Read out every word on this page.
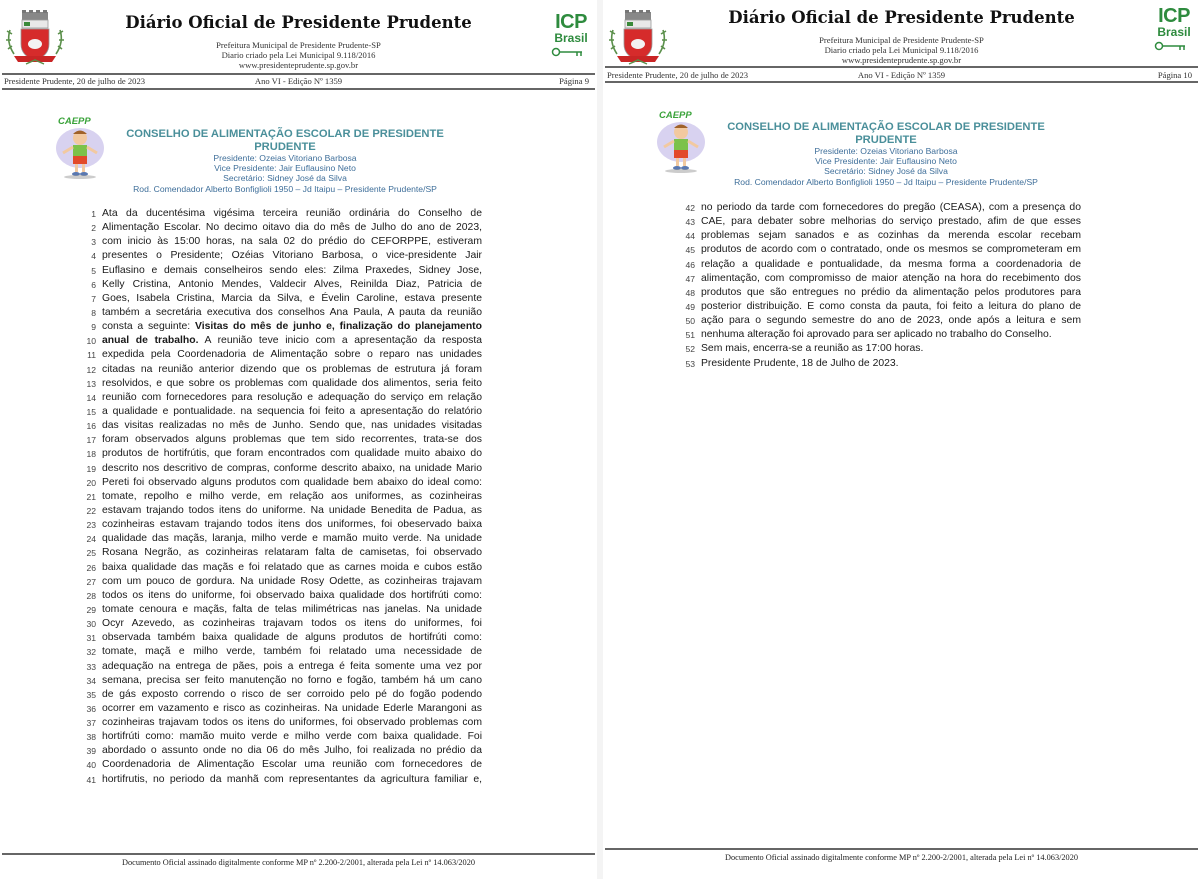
Diário Oficial de Presidente Prudente
Prefeitura Municipal de Presidente Prudente-SP
Diario criado pela Lei Municipal 9.118/2016
www.presidenteprudente.sp.gov.br
ICP
Brasil
Presidente Prudente, 20 de julho de 2023	Ano VI - Edição Nº 1359	Página 9
CAEPP
CONSELHO DE ALIMENTAÇÃO ESCOLAR DE PRESIDENTE
PRUDENTE
Presidente: Ozeias Vitoriano Barbosa
Vice Presidente: Jair Euflausino Neto
Secretário: Sidney José da Silva
Rod. Comendador Alberto Bonfiglioli 1950 – Jd Itaipu – Presidente Prudente/SP
1 Ata da ducentésima vigésima terceira reunião ordinária do Conselho de
2 Alimentação Escolar. No decimo oitavo dia do mês de Julho do ano de 2023,
3 com inicio às 15:00 horas, na sala 02 do prédio do CEFORPPE, estiveram
4 presentes o Presidente; Ozéias Vitoriano Barbosa, o vice-presidente Jair
5 Euflasino e demais conselheiros sendo eles: Zilma Praxedes, Sidney Jose,
6 Kelly Cristina, Antonio Mendes, Valdecir Alves, Reinilda Diaz, Patricia de
7 Goes, Isabela Cristina, Marcia da Silva, e Évelin Caroline, estava presente
8 também a secretária executiva dos conselhos Ana Paula, A pauta da reunião
9 consta a seguinte: Visitas do mês de junho e, finalização do planejamento
10 anual de trabalho. A reunião teve inicio com a apresentação da resposta
11 expedida pela Coordenadoria de Alimentação sobre o reparo nas unidades
12 citadas na reunião anterior dizendo que os problemas de estrutura já foram
13 resolvidos, e que sobre os problemas com qualidade dos alimentos, seria feito
14 reunião com fornecedores para resolução e adequação do serviço em relação
15 a qualidade e pontualidade. na sequencia foi feito a apresentação do relatório
16 das visitas realizadas no mês de Junho. Sendo que, nas unidades visitadas
17 foram observados alguns problemas que tem sido recorrentes, trata-se dos
18 produtos de hortifrútis, que foram encontrados com qualidade muito abaixo do
19 descrito nos descritivo de compras, conforme descrito abaixo, na unidade Mario
20 Pereti foi observado alguns produtos com qualidade bem abaixo do ideal como:
21 tomate, repolho e milho verde, em relação aos uniformes, as cozinheiras
22 estavam trajando todos itens do uniforme. Na unidade Benedita de Padua, as
23 cozinheiras estavam trajando todos itens dos uniformes, foi obeservado baixa
24 qualidade das maçãs, laranja, milho verde e mamão muito verde. Na unidade
25 Rosana Negrão, as cozinheiras relataram falta de camisetas, foi observado
26 baixa qualidade das maçãs e foi relatado que as carnes moida e cubos estão
27 com um pouco de gordura. Na unidade Rosy Odette, as cozinheiras trajavam
28 todos os itens do uniforme, foi observado baixa qualidade dos hortifrúti como:
29 tomate cenoura e maçãs, falta de telas milimétricas nas janelas. Na unidade
30 Ocyr Azevedo, as cozinheiras trajavam todos os itens do uniformes, foi
31 observada também baixa qualidade de alguns produtos de hortifrúti como:
32 tomate, maçã e milho verde, também foi relatado uma necessidade de
33 adequação na entrega de pães, pois a entrega é feita somente uma vez por
34 semana, precisa ser feito manutenção no forno e fogão, também há um cano
35 de gás exposto correndo o risco de ser corroido pelo pé do fogão podendo
36 ocorrer em vazamento e risco as cozinheiras. Na unidade Ederle Marangoni as
37 cozinheiras trajavam todos os itens do uniformes, foi observado problemas com
38 hortifrúti como: mamão muito verde e milho verde com baixa qualidade. Foi
39 abordado o assunto onde no dia 06 do mês Julho, foi realizada no prédio da
40 Coordenadoria de Alimentação Escolar uma reunião com fornecedores de
41 hortifrutis, no periodo da manhã com representantes da agricultura familiar e,
Documento Oficial assinado digitalmente conforme MP nº 2.200-2/2001, alterada pela Lei nº 14.063/2020
Diário Oficial de Presidente Prudente
Prefeitura Municipal de Presidente Prudente-SP
Diario criado pela Lei Municipal 9.118/2016
www.presidenteprudente.sp.gov.br
ICP
Brasil
Presidente Prudente, 20 de julho de 2023	Ano VI - Edição Nº 1359	Página 10
CAEPP
CONSELHO DE ALIMENTAÇÃO ESCOLAR DE PRESIDENTE
PRUDENTE
Presidente: Ozeias Vitoriano Barbosa
Vice Presidente: Jair Euflausino Neto
Secretário: Sidney José da Silva
Rod. Comendador Alberto Bonfiglioli 1950 – Jd Itaipu – Presidente Prudente/SP
42 no periodo da tarde com fornecedores do pregão (CEASA), com a presença do
43 CAE, para debater sobre melhorias do serviço prestado, afim de que esses
44 problemas sejam sanados e as cozinhas da merenda escolar recebam
45 produtos de acordo com o contratado, onde os mesmos se comprometeram em
46 relação a qualidade e pontualidade, da mesma forma a coordenadoria de
47 alimentação, com compromisso de maior atenção na hora do recebimento dos
48 produtos que são entregues no prédio da alimentação pelos produtores para
49 posterior distribuição. E como consta da pauta, foi feito a leitura do plano de
50 ação para o segundo semestre do ano de 2023, onde após a leitura e sem
51 nenhuma alteração foi aprovado para ser aplicado no trabalho do Conselho.
52 Sem mais, encerra-se a reunião as 17:00 horas.
53 Presidente Prudente, 18 de Julho de 2023.
Documento Oficial assinado digitalmente conforme MP nº 2.200-2/2001, alterada pela Lei nº 14.063/2020
